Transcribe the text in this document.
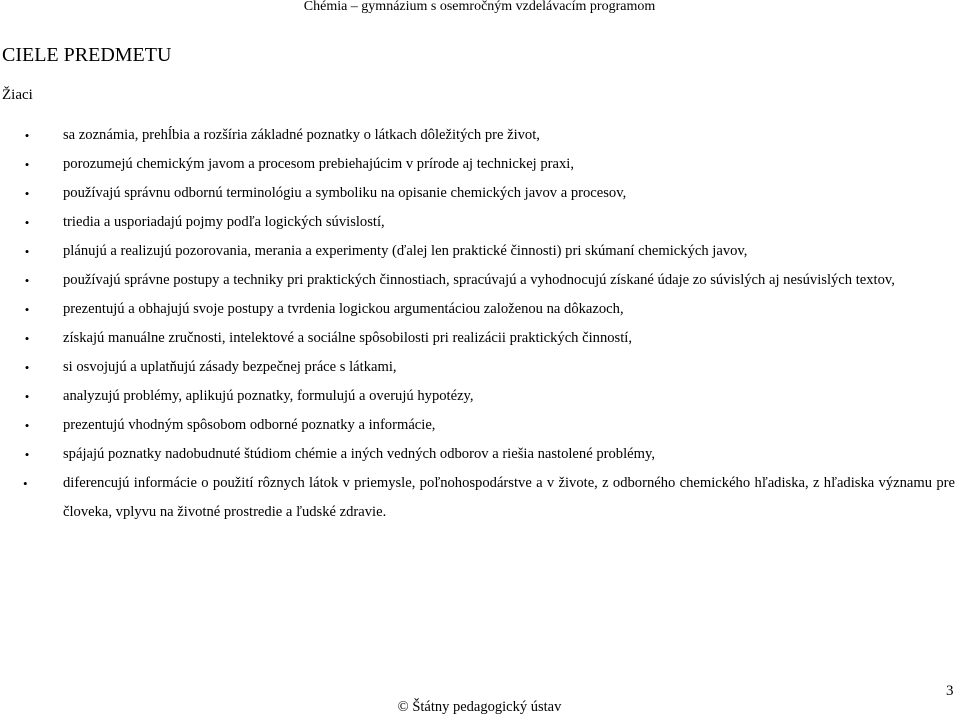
Chémia – gymnázium s osemročným vzdelávacím programom
CIELE PREDMETU
Žiaci
• sa zoznámia, prehĺbia a rozšíria základné poznatky o látkach dôležitých pre život,
• porozumejú chemickým javom a procesom prebiehajúcim v prírode aj technickej praxi,
• používajú správnu odbornú terminológiu a symboliku na opisanie chemických javov a procesov,
• triedia a usporiadajú pojmy podľa logických súvislostí,
• plánujú a realizujú pozorovania, merania a experimenty (ďalej len praktické činnosti) pri skúmaní chemických javov,
• používajú správne postupy a techniky pri praktických činnostiach, spracúvajú a vyhodnocujú získané údaje zo súvislých aj nesúvislých textov,
• prezentujú a obhajujú svoje postupy a tvrdenia logickou argumentáciou založenou na dôkazoch,
• získajú manuálne zručnosti, intelektové a sociálne spôsobilosti pri realizácii praktických činností,
• si osvojujú a uplatňujú zásady bezpečnej práce s látkami,
• analyzujú problémy, aplikujú poznatky, formulujú a overujú hypotézy,
• prezentujú vhodným spôsobom odborné poznatky a informácie,
• spájajú poznatky nadobudnuté štúdiom chémie a iných vedných odborov a riešia nastolené problémy,
• diferencujú informácie o použití rôznych látok v priemysle, poľnohospodárstve a v živote, z odborného chemického hľadiska, z hľadiska významu pre človeka, vplyvu na životné prostredie a ľudské zdravie.
3
© Štátny pedagogický ústav
